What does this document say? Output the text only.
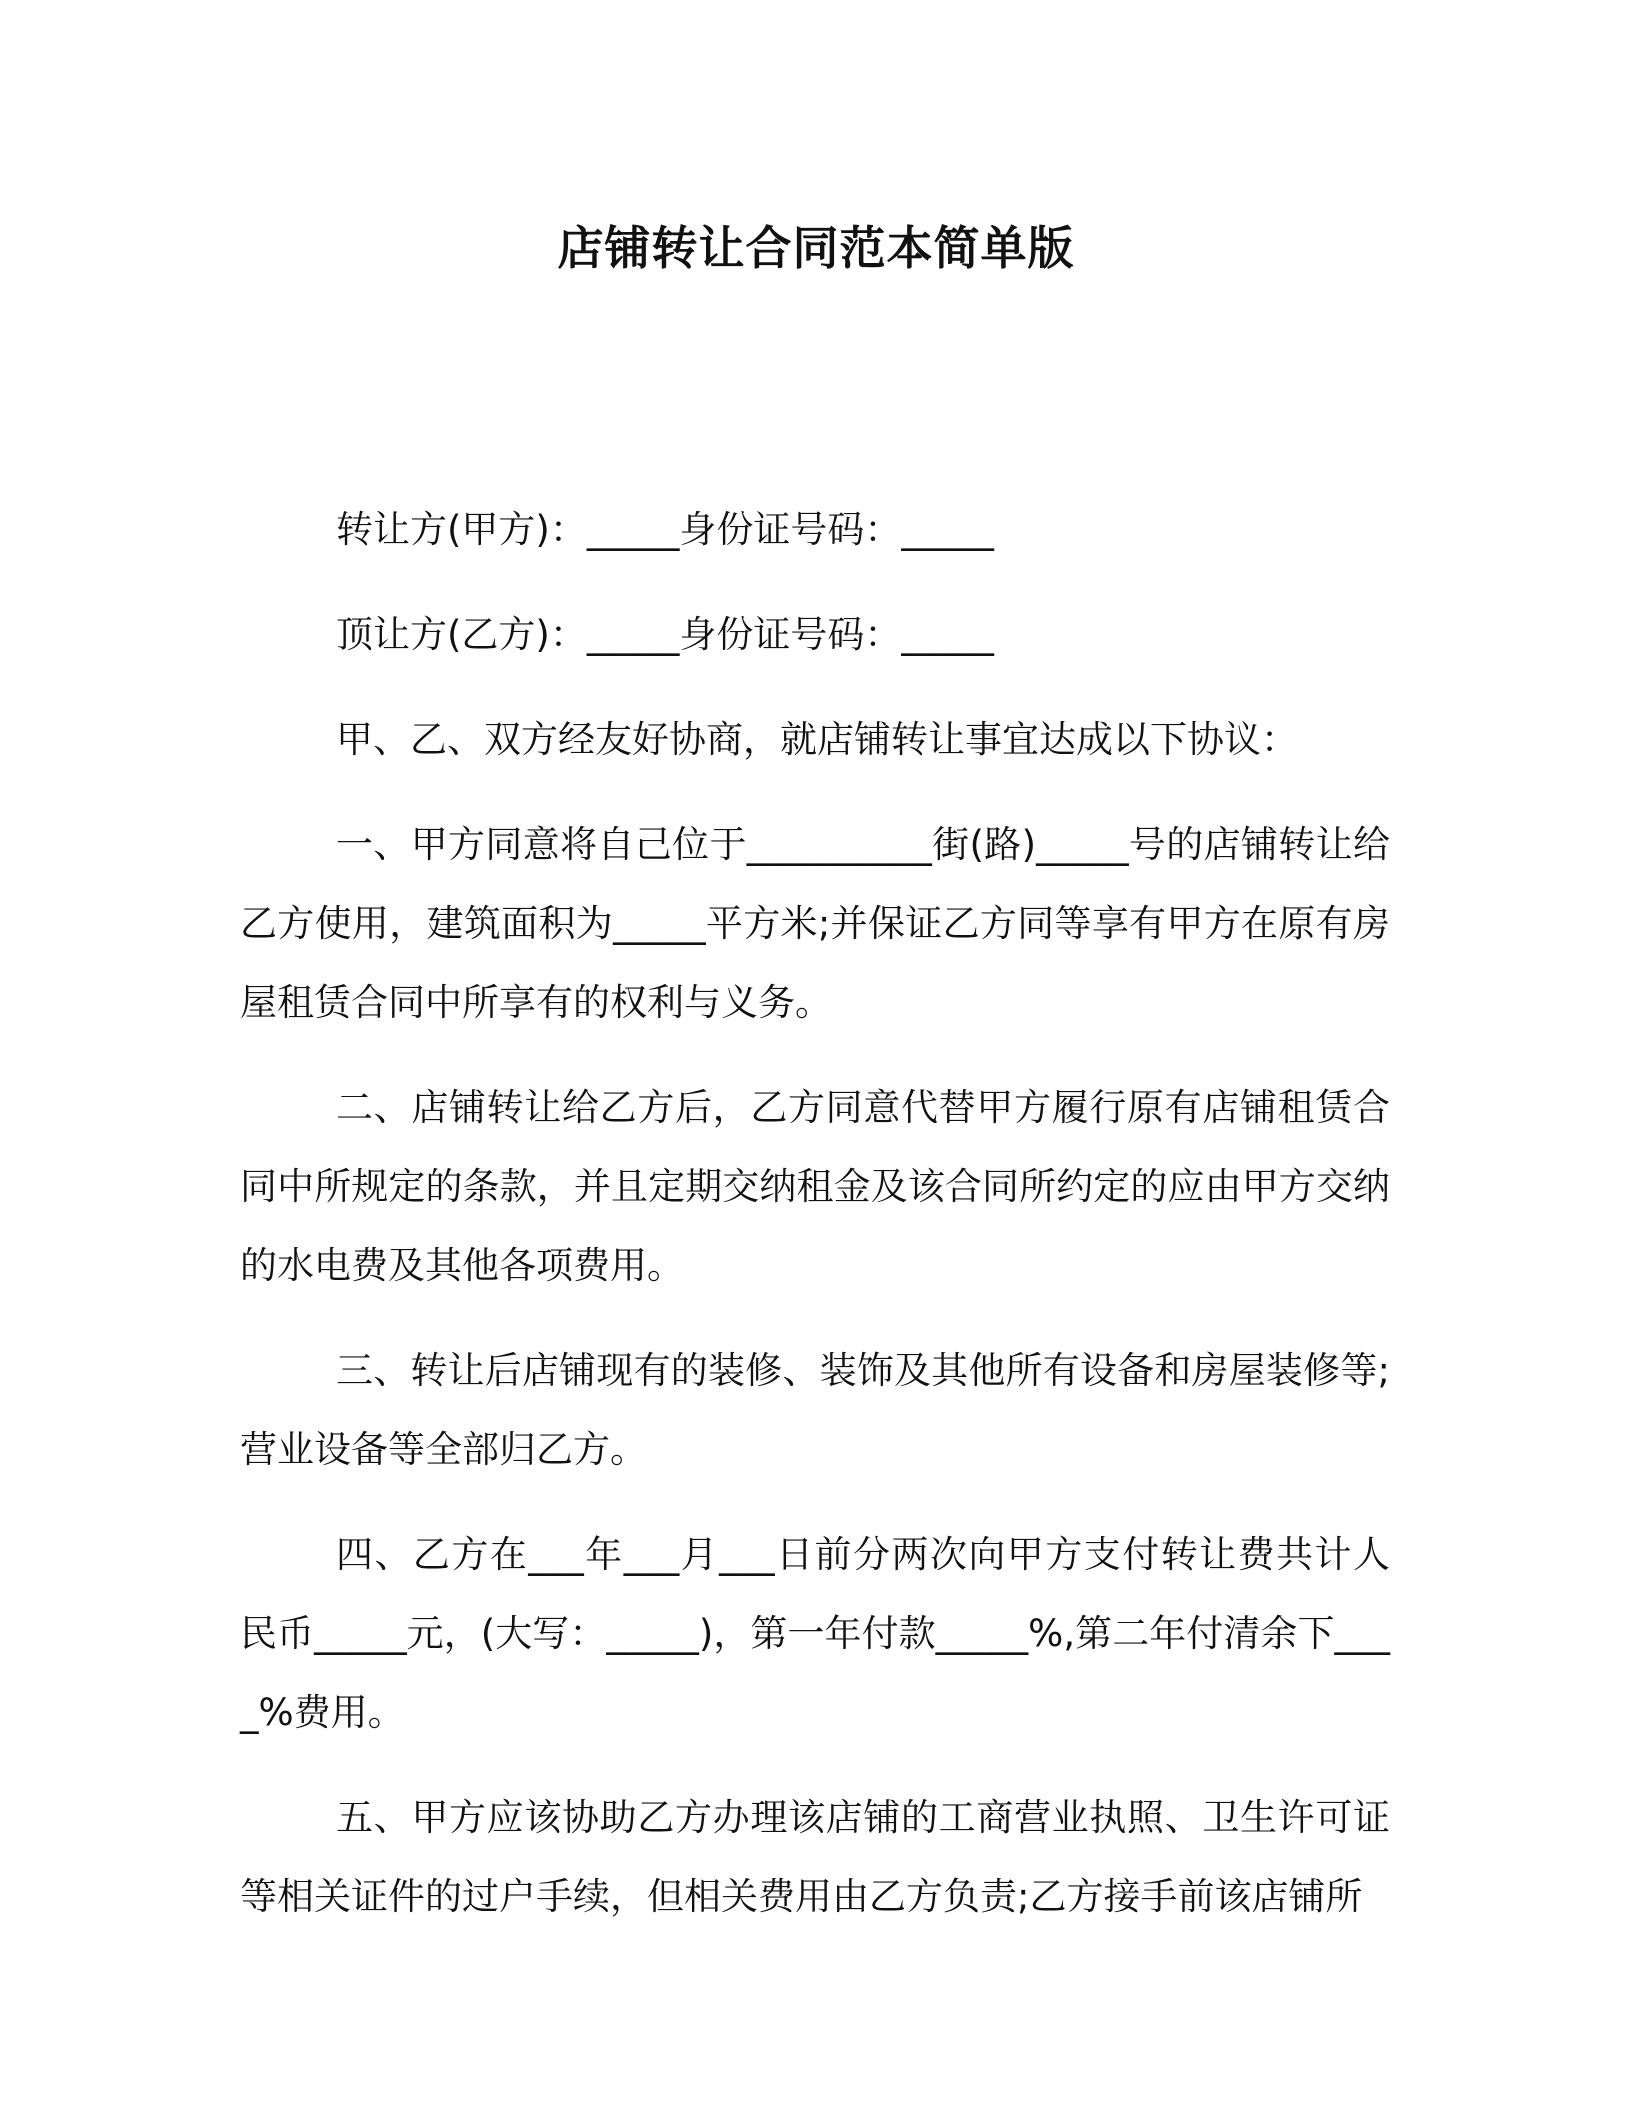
店铺转让合同范本简单版

转让方(甲方)：_____身份证号码：_____

顶让方(乙方)：_____身份证号码：_____

甲、乙、双方经友好协商，就店铺转让事宜达成以下协议：

一、甲方同意将自己位于__________街(路)_____号的店铺转让给乙方使用，建筑面积为_____平方米;并保证乙方同等享有甲方在原有房屋租赁合同中所享有的权利与义务。

二、店铺转让给乙方后，乙方同意代替甲方履行原有店铺租赁合同中所规定的条款，并且定期交纳租金及该合同所约定的应由甲方交纳的水电费及其他各项费用。

三、转让后店铺现有的装修、装饰及其他所有设备和房屋装修等;营业设备等全部归乙方。

四、乙方在___年___月___日前分两次向甲方支付转让费共计人民币_____元，(大写：_____)，第一年付款_____%,第二年付清余下____%费用。

五、甲方应该协助乙方办理该店铺的工商营业执照、卫生许可证等相关证件的过户手续，但相关费用由乙方负责;乙方接手前该店铺所
